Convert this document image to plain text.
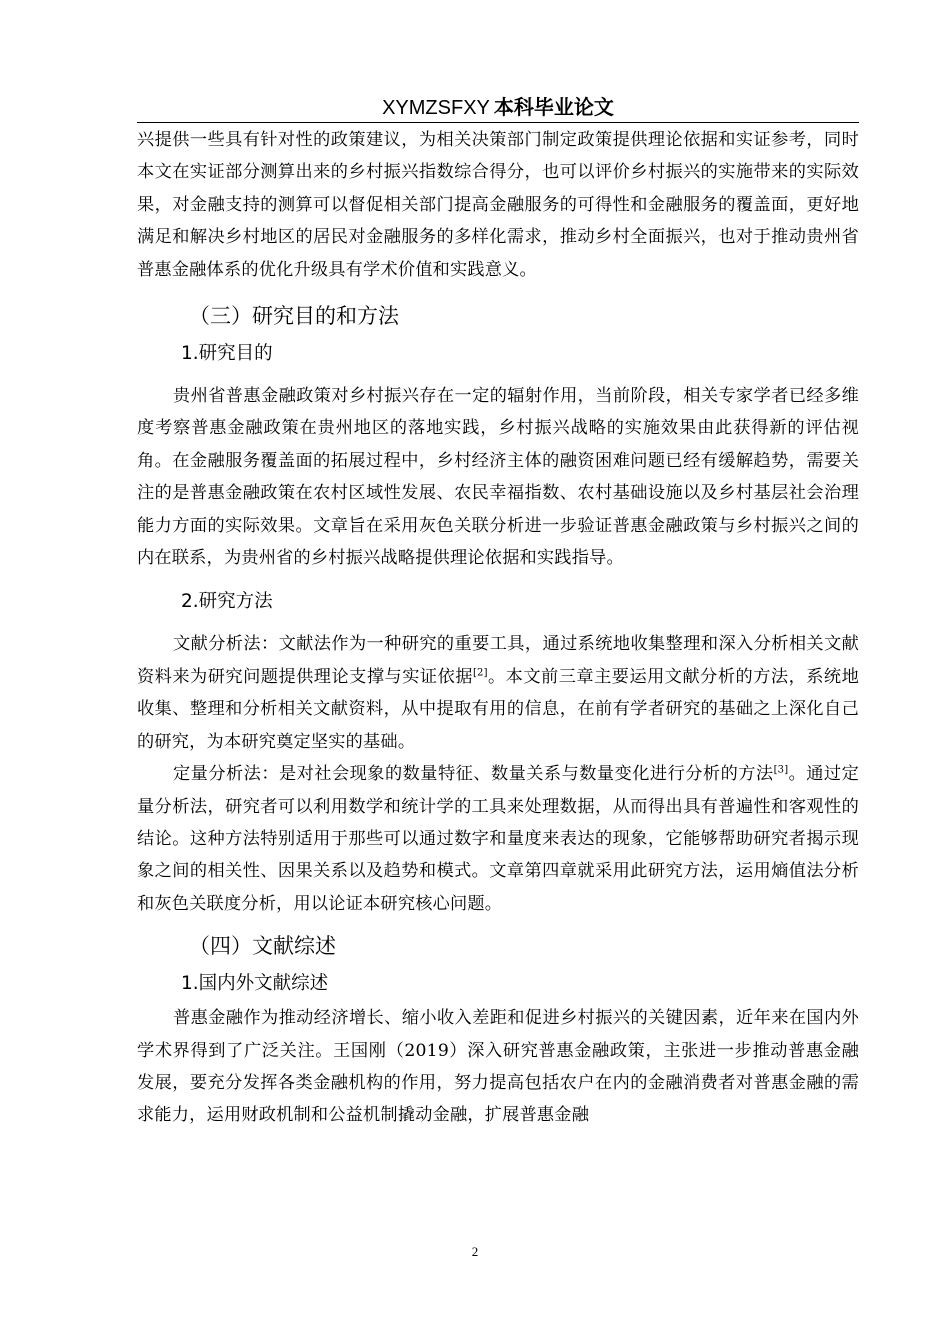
XYMZSFXY 本科毕业论文

兴提供一些具有针对性的政策建议，为相关决策部门制定政策提供理论依据和实证参考，同时本文在实证部分测算出来的乡村振兴指数综合得分，也可以评价乡村振兴的实施带来的实际效果，对金融支持的测算可以督促相关部门提高金融服务的可得性和金融服务的覆盖面，更好地满足和解决乡村地区的居民对金融服务的多样化需求，推动乡村全面振兴，也对于推动贵州省普惠金融体系的优化升级具有学术价值和实践意义。

（三）研究目的和方法
1.研究目的

贵州省普惠金融政策对乡村振兴存在一定的辐射作用，当前阶段，相关专家学者已经多维度考察普惠金融政策在贵州地区的落地实践，乡村振兴战略的实施效果由此获得新的评估视角。在金融服务覆盖面的拓展过程中，乡村经济主体的融资困难问题已经有缓解趋势，需要关注的是普惠金融政策在农村区域性发展、农民幸福指数、农村基础设施以及乡村基层社会治理能力方面的实际效果。文章旨在采用灰色关联分析进一步验证普惠金融政策与乡村振兴之间的内在联系，为贵州省的乡村振兴战略提供理论依据和实践指导。

2.研究方法

文献分析法：文献法作为一种研究的重要工具，通过系统地收集整理和深入分析相关文献资料来为研究问题提供理论支撑与实证依据[2]。本文前三章主要运用文献分析的方法，系统地收集、整理和分析相关文献资料，从中提取有用的信息，在前有学者研究的基础之上深化自己的研究，为本研究奠定坚实的基础。

定量分析法：是对社会现象的数量特征、数量关系与数量变化进行分析的方法[3]。通过定量分析法，研究者可以利用数学和统计学的工具来处理数据，从而得出具有普遍性和客观性的结论。这种方法特别适用于那些可以通过数字和量度来表达的现象，它能够帮助研究者揭示现象之间的相关性、因果关系以及趋势和模式。文章第四章就采用此研究方法，运用熵值法分析和灰色关联度分析，用以论证本研究核心问题。

（四）文献综述
1.国内外文献综述

普惠金融作为推动经济增长、缩小收入差距和促进乡村振兴的关键因素，近年来在国内外学术界得到了广泛关注。王国刚（2019）深入研究普惠金融政策，主张进一步推动普惠金融发展，要充分发挥各类金融机构的作用，努力提高包括农户在内的金融消费者对普惠金融的需求能力，运用财政机制和公益机制撬动金融，扩展普惠金融

2
